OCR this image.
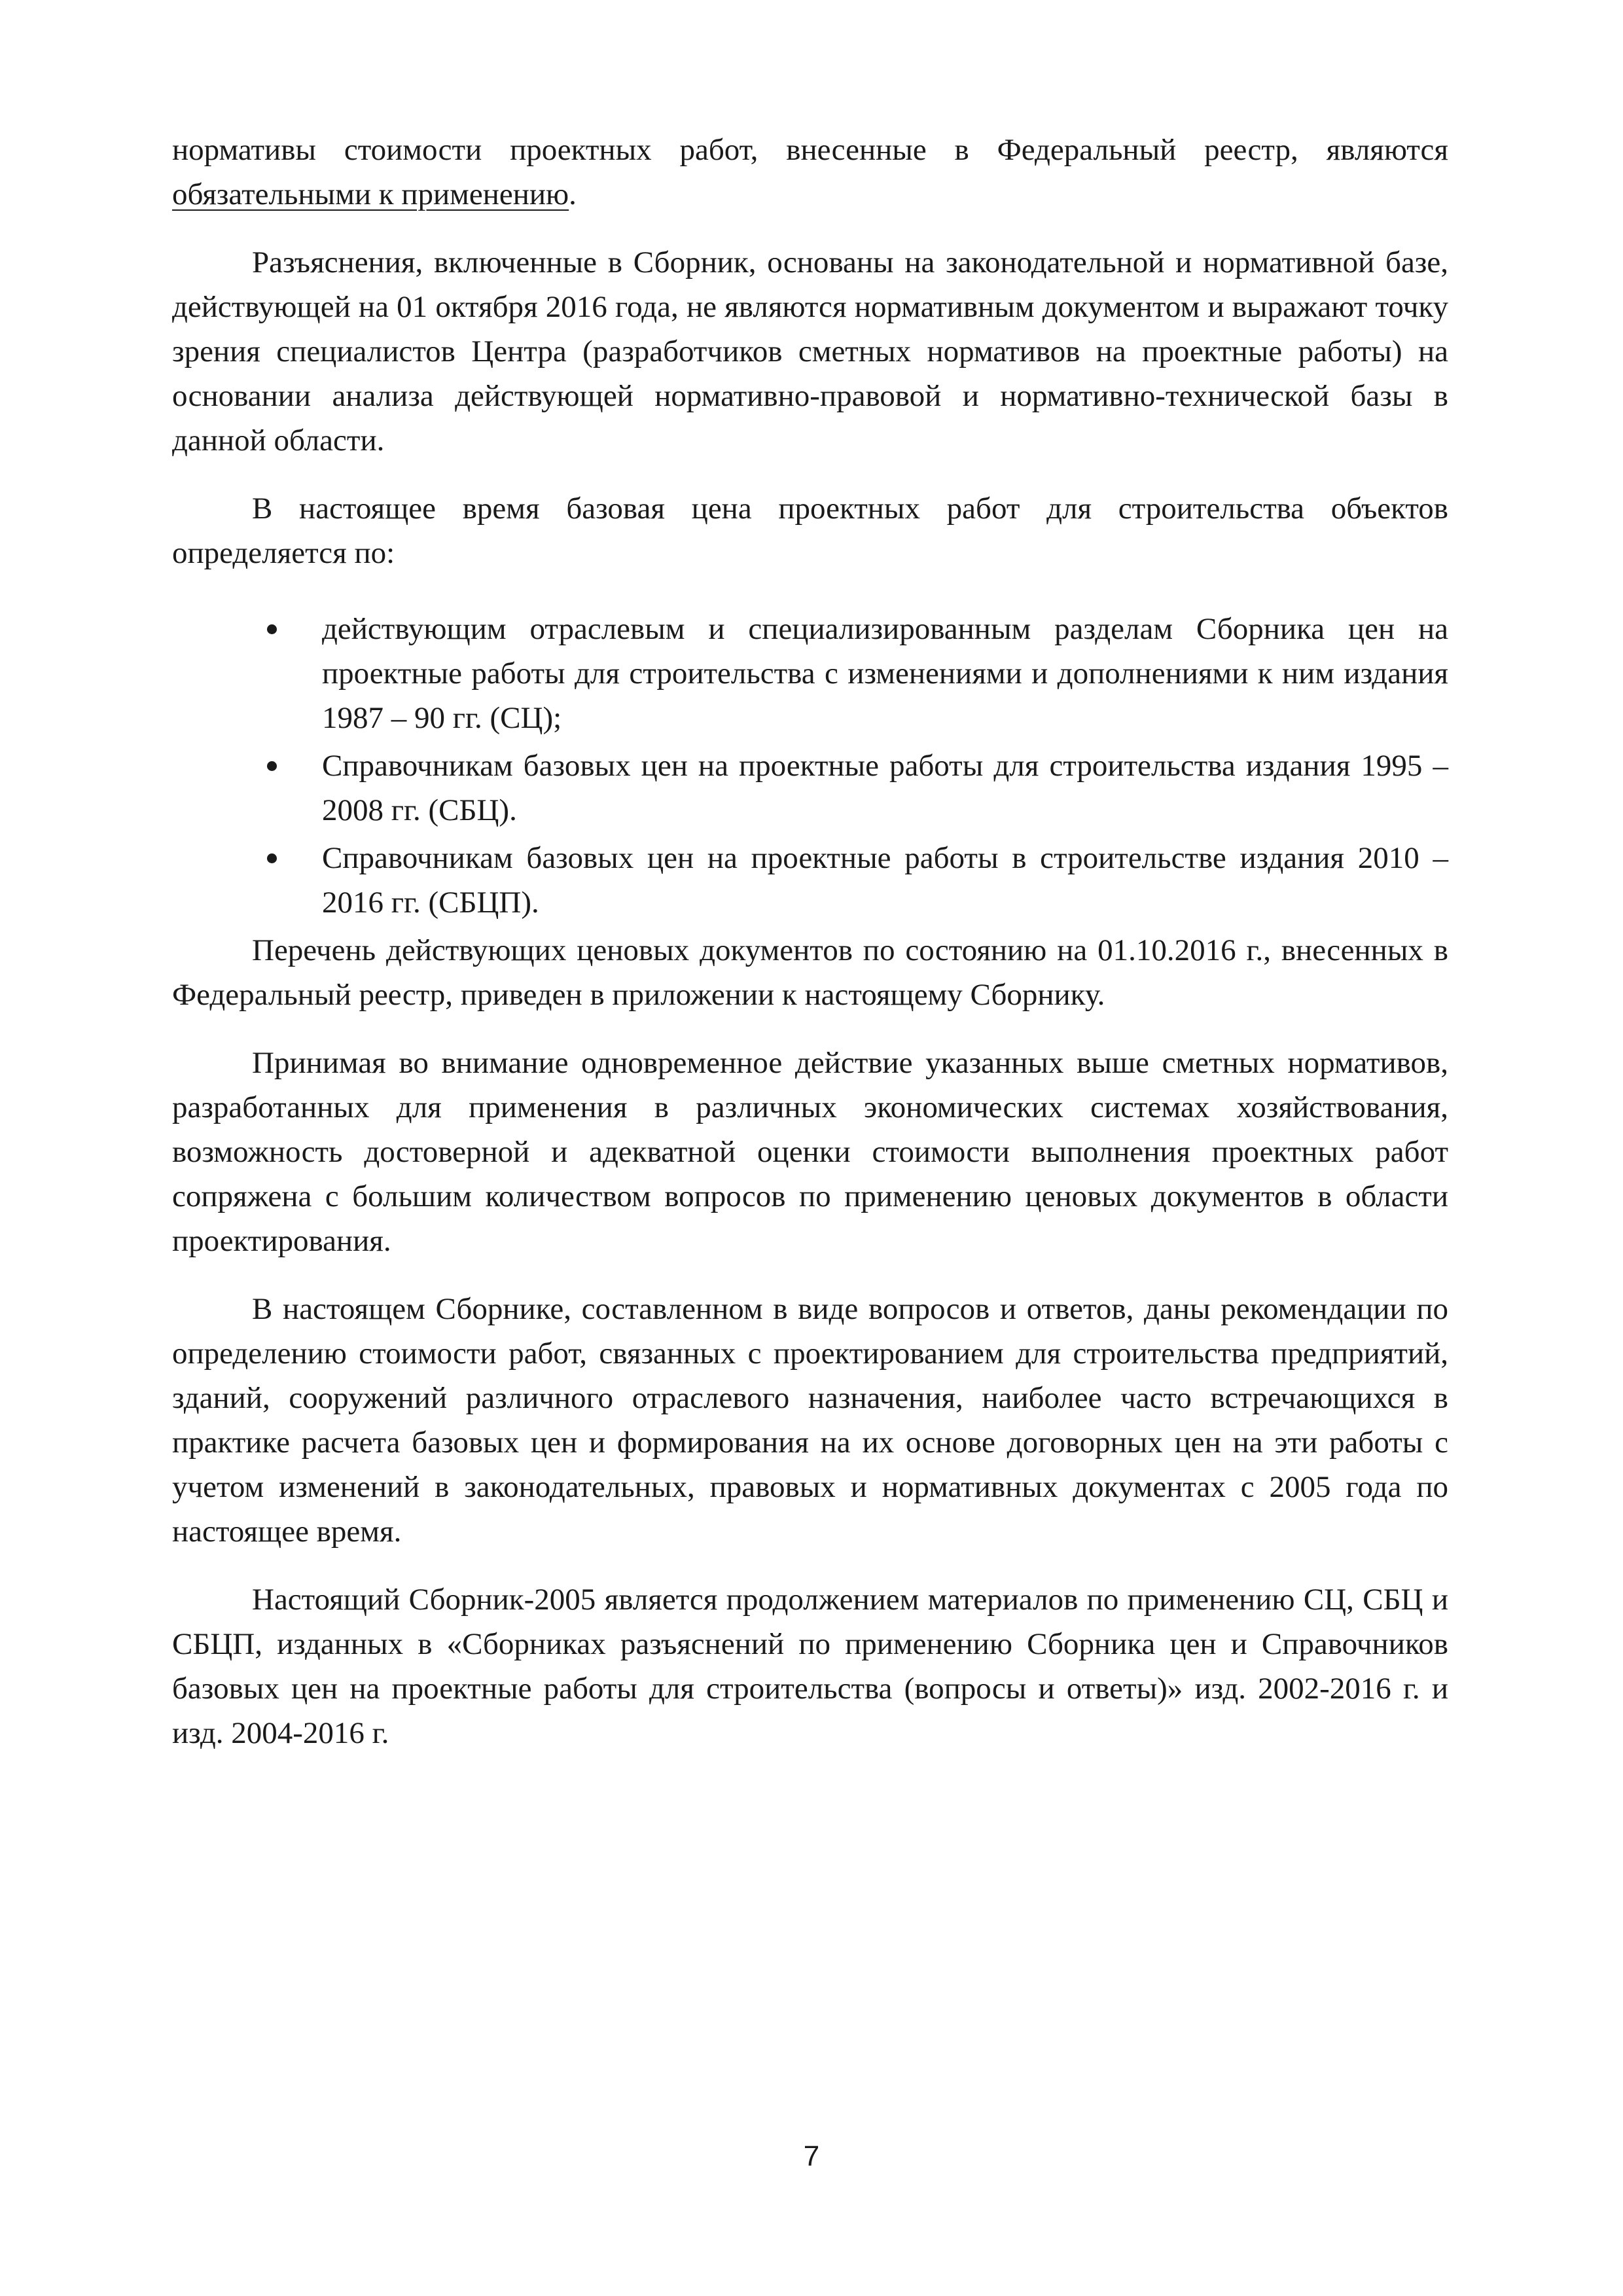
нормативы стоимости проектных работ, внесенные в Федеральный реестр, являются обязательными к применению.

Разъяснения, включенные в Сборник, основаны на законодательной и нормативной базе, действующей на 01 октября 2016 года, не являются нормативным документом и выражают точку зрения специалистов Центра (разработчиков сметных нормативов на проектные работы) на основании анализа действующей нормативно-правовой и нормативно-технической базы в данной области.

В настоящее время базовая цена проектных работ для строительства объектов определяется по:

действующим отраслевым и специализированным разделам Сборника цен на проектные работы для строительства с изменениями и дополнениями к ним издания 1987 – 90 гг. (СЦ);
Справочникам базовых цен на проектные работы для строительства издания 1995 – 2008 гг. (СБЦ).
Справочникам базовых цен на проектные работы в строительстве издания 2010 – 2016 гг. (СБЦП).

Перечень действующих ценовых документов по состоянию на 01.10.2016 г., внесенных в Федеральный реестр, приведен в приложении к настоящему Сборнику.

Принимая во внимание одновременное действие указанных выше сметных нормативов, разработанных для применения в различных экономических системах хозяйствования, возможность достоверной и адекватной оценки стоимости выполнения проектных работ сопряжена с большим количеством вопросов по применению ценовых документов в области проектирования.

В настоящем Сборнике, составленном в виде вопросов и ответов, даны рекомендации по определению стоимости работ, связанных с проектированием для строительства предприятий, зданий, сооружений различного отраслевого назначения, наиболее часто встречающихся в практике расчета базовых цен и формирования на их основе договорных цен на эти работы с учетом изменений в законодательных, правовых и нормативных документах с 2005 года по настоящее время.

Настоящий Сборник-2005 является продолжением материалов по применению СЦ, СБЦ и СБЦП, изданных в «Сборниках разъяснений по применению Сборника цен и Справочников базовых цен на проектные работы для строительства (вопросы и ответы)» изд. 2002-2016 г. и изд. 2004-2016 г.

7
